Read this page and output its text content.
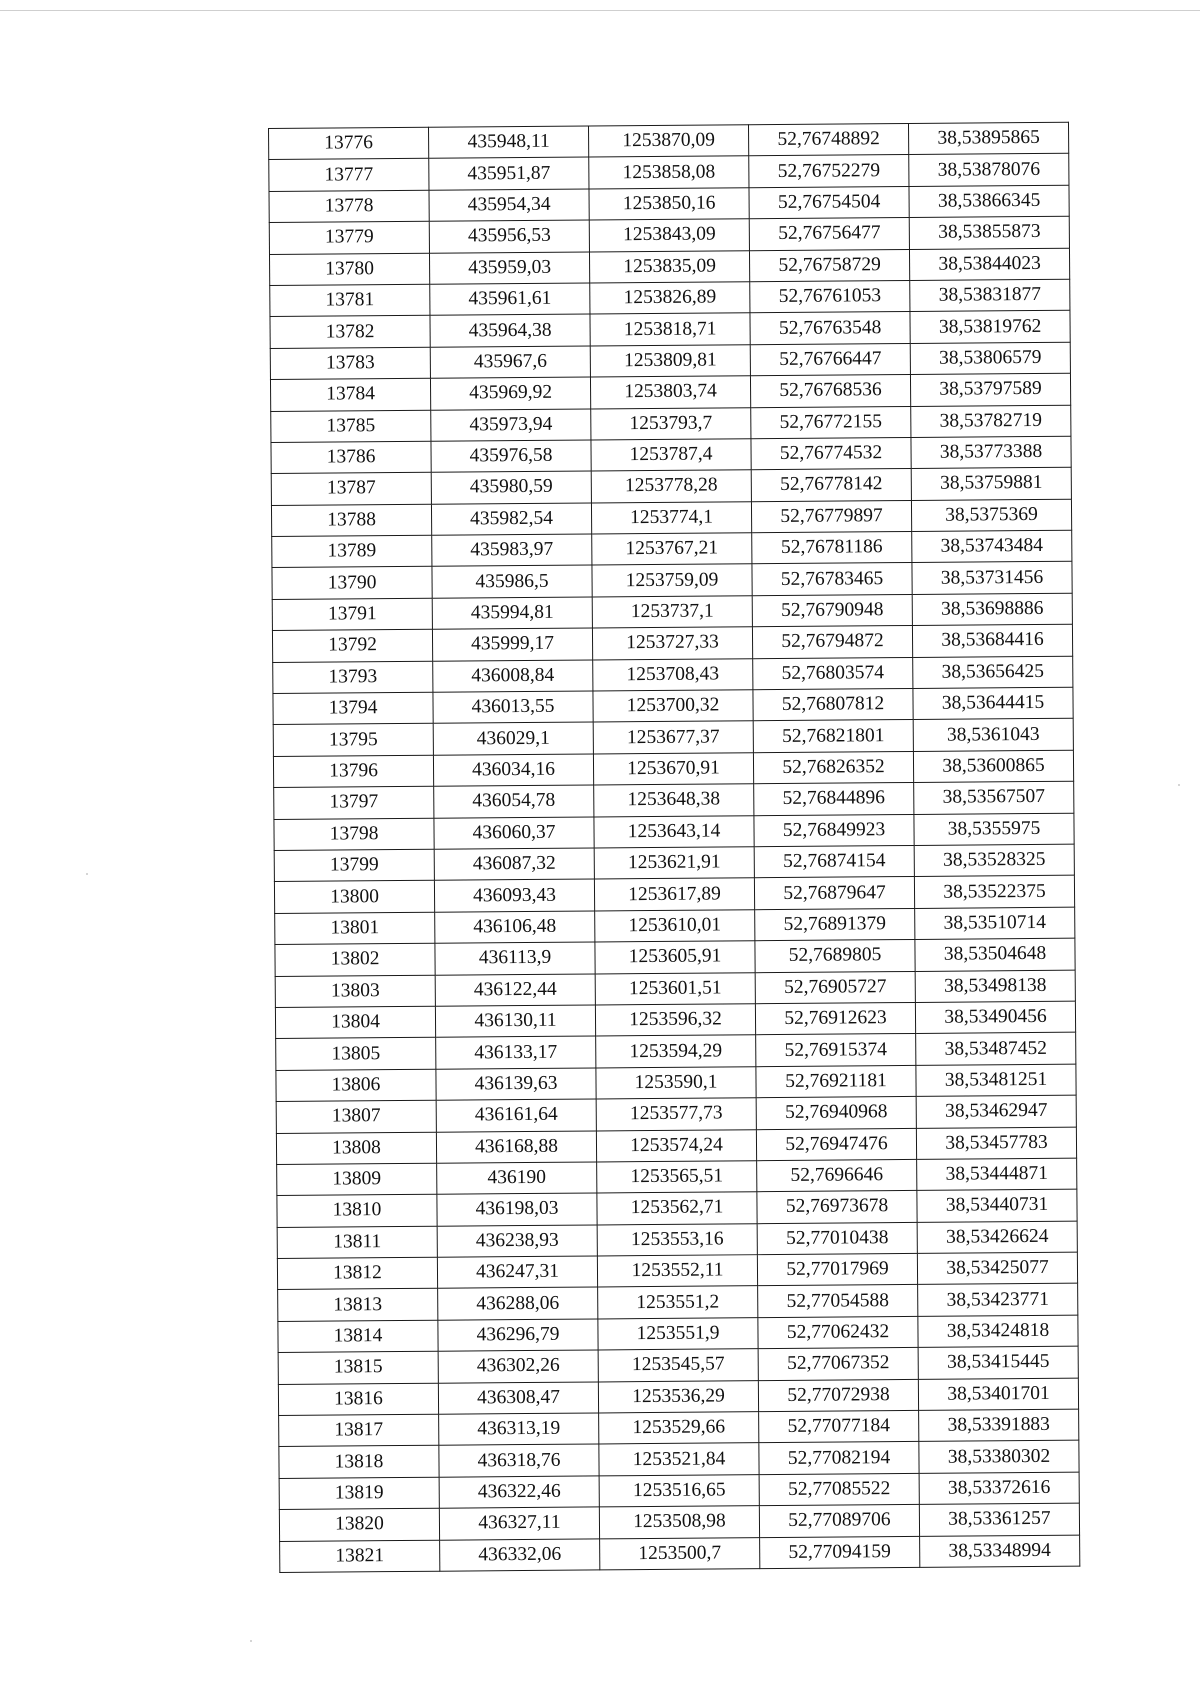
13776	435948,11	1253870,09	52,76748892	38,53895865
13777	435951,87	1253858,08	52,76752279	38,53878076
13778	435954,34	1253850,16	52,76754504	38,53866345
13779	435956,53	1253843,09	52,76756477	38,53855873
13780	435959,03	1253835,09	52,76758729	38,53844023
13781	435961,61	1253826,89	52,76761053	38,53831877
13782	435964,38	1253818,71	52,76763548	38,53819762
13783	435967,6	1253809,81	52,76766447	38,53806579
13784	435969,92	1253803,74	52,76768536	38,53797589
13785	435973,94	1253793,7	52,76772155	38,53782719
13786	435976,58	1253787,4	52,76774532	38,53773388
13787	435980,59	1253778,28	52,76778142	38,53759881
13788	435982,54	1253774,1	52,76779897	38,5375369
13789	435983,97	1253767,21	52,76781186	38,53743484
13790	435986,5	1253759,09	52,76783465	38,53731456
13791	435994,81	1253737,1	52,76790948	38,53698886
13792	435999,17	1253727,33	52,76794872	38,53684416
13793	436008,84	1253708,43	52,76803574	38,53656425
13794	436013,55	1253700,32	52,76807812	38,53644415
13795	436029,1	1253677,37	52,76821801	38,5361043
13796	436034,16	1253670,91	52,76826352	38,53600865
13797	436054,78	1253648,38	52,76844896	38,53567507
13798	436060,37	1253643,14	52,76849923	38,5355975
13799	436087,32	1253621,91	52,76874154	38,53528325
13800	436093,43	1253617,89	52,76879647	38,53522375
13801	436106,48	1253610,01	52,76891379	38,53510714
13802	436113,9	1253605,91	52,7689805	38,53504648
13803	436122,44	1253601,51	52,76905727	38,53498138
13804	436130,11	1253596,32	52,76912623	38,53490456
13805	436133,17	1253594,29	52,76915374	38,53487452
13806	436139,63	1253590,1	52,76921181	38,53481251
13807	436161,64	1253577,73	52,76940968	38,53462947
13808	436168,88	1253574,24	52,76947476	38,53457783
13809	436190	1253565,51	52,7696646	38,53444871
13810	436198,03	1253562,71	52,76973678	38,53440731
13811	436238,93	1253553,16	52,77010438	38,53426624
13812	436247,31	1253552,11	52,77017969	38,53425077
13813	436288,06	1253551,2	52,77054588	38,53423771
13814	436296,79	1253551,9	52,77062432	38,53424818
13815	436302,26	1253545,57	52,77067352	38,53415445
13816	436308,47	1253536,29	52,77072938	38,53401701
13817	436313,19	1253529,66	52,77077184	38,53391883
13818	436318,76	1253521,84	52,77082194	38,53380302
13819	436322,46	1253516,65	52,77085522	38,53372616
13820	436327,11	1253508,98	52,77089706	38,53361257
13821	436332,06	1253500,7	52,77094159	38,53348994
